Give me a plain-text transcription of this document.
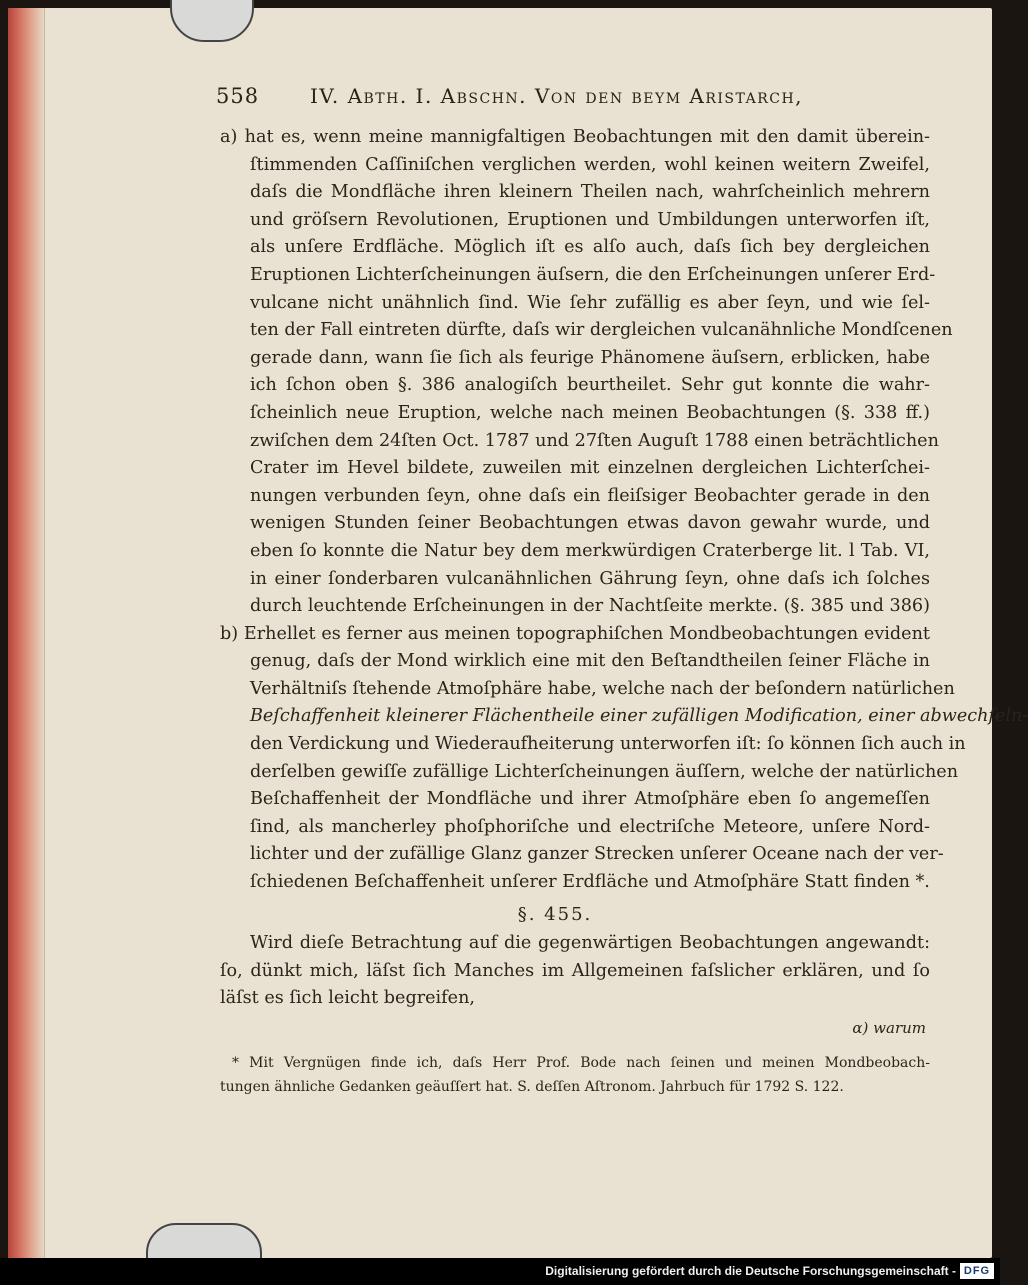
558	IV. Abth. I. Abschn. Von den beym Aristarch,
a) hat es, wenn meine mannigfaltigen Beobachtungen mit den damit überein-
ſtimmenden Caſſiniſchen verglichen werden, wohl keinen weitern Zweifel,
daſs die Mondfläche ihren kleinern Theilen nach, wahrſcheinlich mehrern
und gröſsern Revolutionen, Eruptionen und Umbildungen unterworfen iſt,
als unſere Erdfläche. Möglich iſt es alſo auch, daſs ſich bey dergleichen
Eruptionen Lichterſcheinungen äuſsern, die den Erſcheinungen unſerer Erd-
vulcane nicht unähnlich ſind. Wie ſehr zufällig es aber ſeyn, und wie ſel-
ten der Fall eintreten dürfte, daſs wir dergleichen vulcanähnliche Mondſcenen
gerade dann, wann ſie ſich als feurige Phänomene äuſsern, erblicken, habe
ich ſchon oben §. 386 analogiſch beurtheilet. Sehr gut konnte die wahr-
ſcheinlich neue Eruption, welche nach meinen Beobachtungen (§. 338 ff.)
zwiſchen dem 24ſten Oct. 1787 und 27ſten Auguſt 1788 einen beträchtlichen
Crater im Hevel bildete, zuweilen mit einzelnen dergleichen Lichterſchei-
nungen verbunden ſeyn, ohne daſs ein fleiſsiger Beobachter gerade in den
wenigen Stunden ſeiner Beobachtungen etwas davon gewahr wurde, und
eben ſo konnte die Natur bey dem merkwürdigen Craterberge lit. l Tab. VI,
in einer ſonderbaren vulcanähnlichen Gährung ſeyn, ohne daſs ich ſolches
durch leuchtende Erſcheinungen in der Nachtſeite merkte. (§. 385 und 386)
b) Erhellet es ferner aus meinen topographiſchen Mondbeobachtungen evident
genug, daſs der Mond wirklich eine mit den Beſtandtheilen ſeiner Fläche in
Verhältniſs ſtehende Atmoſphäre habe, welche nach der beſondern natürlichen
Beſchaffenheit kleinerer Flächentheile einer zufälligen Modification, einer abwechſeln-
den Verdickung und Wiederaufheiterung unterworfen iſt: ſo können ſich auch in
derſelben gewiſſe zufällige Lichterſcheinungen äuſſern, welche der natürlichen
Beſchaffenheit der Mondfläche und ihrer Atmoſphäre eben ſo angemeſſen
ſind, als mancherley phoſphoriſche und electriſche Meteore, unſere Nord-
lichter und der zufällige Glanz ganzer Strecken unſerer Oceane nach der ver-
ſchiedenen Beſchaffenheit unſerer Erdfläche und Atmoſphäre Statt finden *.
§. 455.
Wird dieſe Betrachtung auf die gegenwärtigen Beobachtungen angewandt:
ſo, dünkt mich, läſst ſich Manches im Allgemeinen faſslicher erklären, und ſo
läſst es ſich leicht begreifen,
α) warum
* Mit Vergnügen finde ich, daſs Herr Prof. Bode nach ſeinen und meinen Mondbeobach-
tungen ähnliche Gedanken geäuſſert hat. S. deſſen Aſtronom. Jahrbuch für 1792 S. 122.
Digitalisierung gefördert durch die Deutsche Forschungsgemeinschaft - DFG
